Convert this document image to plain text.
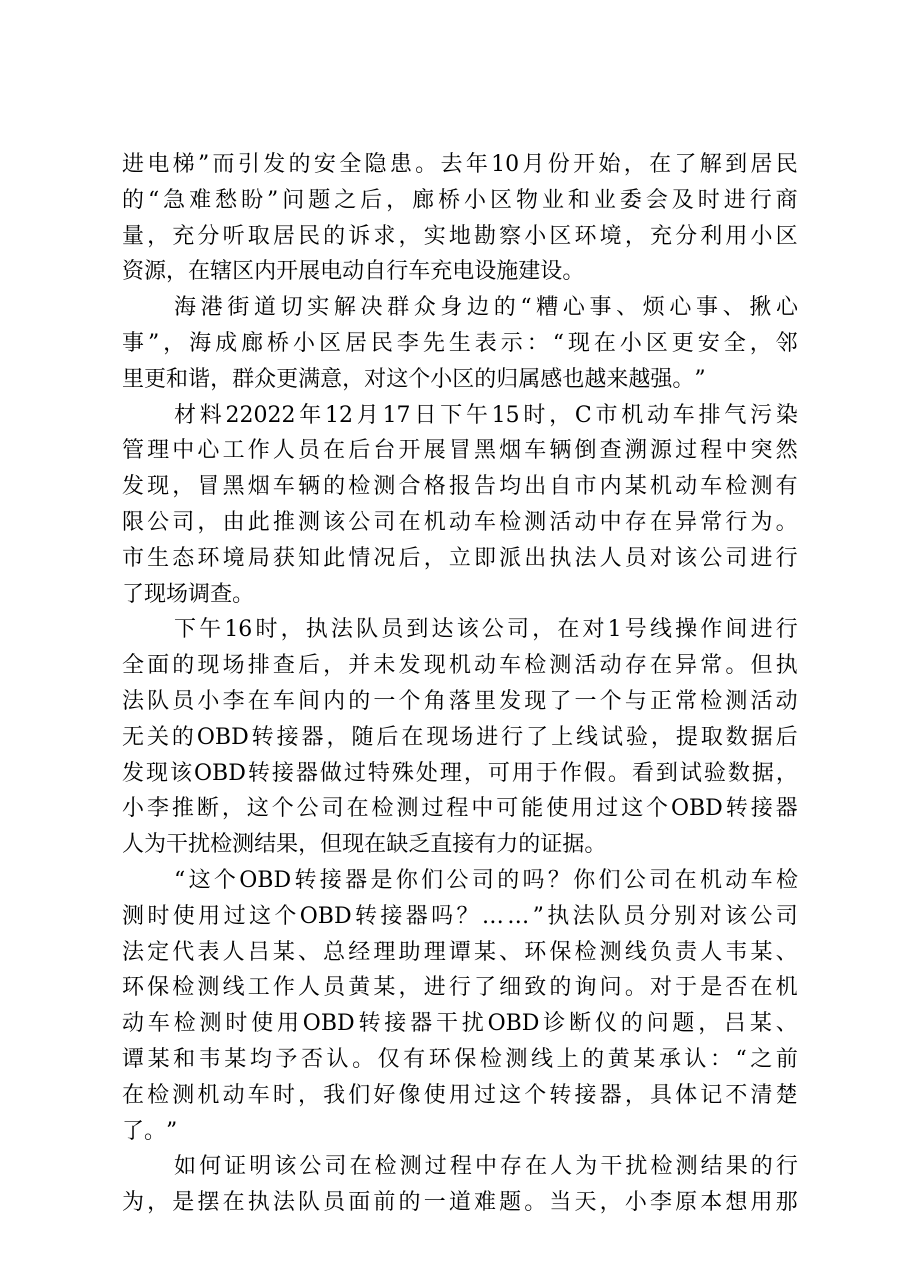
进 电 梯 ” 而 引 发 的 安 全 隐 患 。 去 年 10 月 份 开 始 ， 在 了 解 到 居 民
的 “ 急 难 愁 盼 ” 问 题 之 后 ， 廊 桥 小 区 物 业 和 业 委 会 及 时 进 行 商
量 ， 充 分 听 取 居 民 的 诉 求 ， 实 地 勘 察 小 区 环 境 ， 充 分 利 用 小 区
资 源 ， 在 辖 区 内 开 展 电 动 自 行 车 充 电 设 施 建 设 。
海 港 街 道 切 实 解 决 群 众 身 边 的 “ 糟 心 事 、 烦 心 事 、 揪 心
事 ” ， 海 成 廊 桥 小 区 居 民 李 先 生 表 示 ： “ 现 在 小 区 更 安 全 ， 邻
里 更 和 谐 ， 群 众 更 满 意 ， 对 这 个 小 区 的 归 属 感 也 越 来 越 强 。 ”
材 料 22022 年 12 月 17 日 下 午 15 时 ， C 市 机 动 车 排 气 污 染
管 理 中 心 工 作 人 员 在 后 台 开 展 冒 黑 烟 车 辆 倒 查 溯 源 过 程 中 突 然
发 现 ， 冒 黑 烟 车 辆 的 检 测 合 格 报 告 均 出 自 市 内 某 机 动 车 检 测 有
限 公 司 ， 由 此 推 测 该 公 司 在 机 动 车 检 测 活 动 中 存 在 异 常 行 为 。
市 生 态 环 境 局 获 知 此 情 况 后 ， 立 即 派 出 执 法 人 员 对 该 公 司 进 行
了 现 场 调 查 。
下 午 16 时 ， 执 法 队 员 到 达 该 公 司 ， 在 对 1 号 线 操 作 间 进 行
全 面 的 现 场 排 查 后 ， 并 未 发 现 机 动 车 检 测 活 动 存 在 异 常 。 但 执
法 队 员 小 李 在 车 间 内 的 一 个 角 落 里 发 现 了 一 个 与 正 常 检 测 活 动
无 关 的 OBD 转 接 器 ， 随 后 在 现 场 进 行 了 上 线 试 验 ， 提 取 数 据 后
发 现 该 OBD 转 接 器 做 过 特 殊 处 理 ， 可 用 于 作 假 。 看 到 试 验 数 据 ，
小 李 推 断 ， 这 个 公 司 在 检 测 过 程 中 可 能 使 用 过 这 个 OBD 转 接 器
人 为 干 扰 检 测 结 果 ， 但 现 在 缺 乏 直 接 有 力 的 证 据 。
“ 这 个 OBD 转 接 器 是 你 们 公 司 的 吗 ？ 你 们 公 司 在 机 动 车 检
测 时 使 用 过 这 个 OBD 转 接 器 吗 ？ … … ” 执 法 队 员 分 别 对 该 公 司
法 定 代 表 人 吕 某 、 总 经 理 助 理 谭 某 、 环 保 检 测 线 负 责 人 韦 某 、
环 保 检 测 线 工 作 人 员 黄 某 ， 进 行 了 细 致 的 询 问 。 对 于 是 否 在 机
动 车 检 测 时 使 用 OBD 转 接 器 干 扰 OBD 诊 断 仪 的 问 题 ， 吕 某 、
谭 某 和 韦 某 均 予 否 认 。 仅 有 环 保 检 测 线 上 的 黄 某 承 认 ： “ 之 前
在 检 测 机 动 车 时 ， 我 们 好 像 使 用 过 这 个 转 接 器 ， 具 体 记 不 清 楚
了 。 ”
如 何 证 明 该 公 司 在 检 测 过 程 中 存 在 人 为 干 扰 检 测 结 果 的 行
为 ， 是 摆 在 执 法 队 员 面 前 的 一 道 难 题 。 当 天 ， 小 李 原 本 想 用 那
